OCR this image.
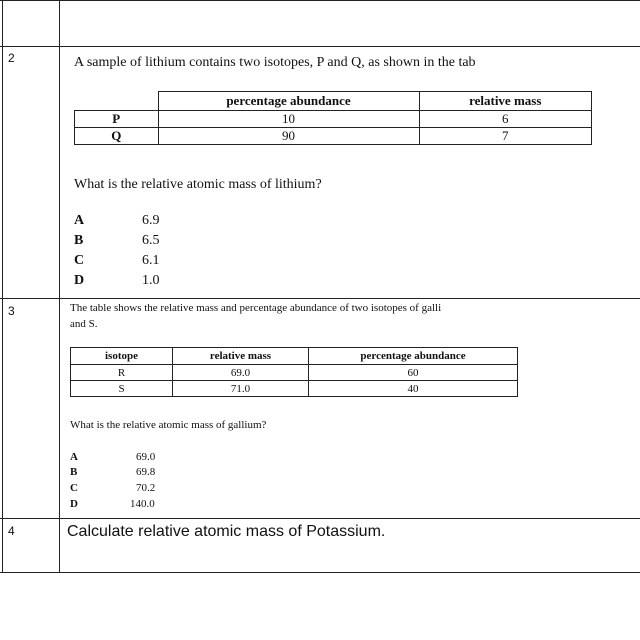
2	A sample of lithium contains two isotopes, P and Q, as shown in the tab
	percentage abundance	relative mass
P	10	6
Q	90	7
What is the relative atomic mass of lithium?
A	6.9
B	6.5
C	6.1
D	1.0
3	The table shows the relative mass and percentage abundance of two isotopes of galli
and S.
isotope	relative mass	percentage abundance
R	69.0	60
S	71.0	40
What is the relative atomic mass of gallium?
A	69.0
B	69.8
C	70.2
D	140.0
4	Calculate relative atomic mass of Potassium.
